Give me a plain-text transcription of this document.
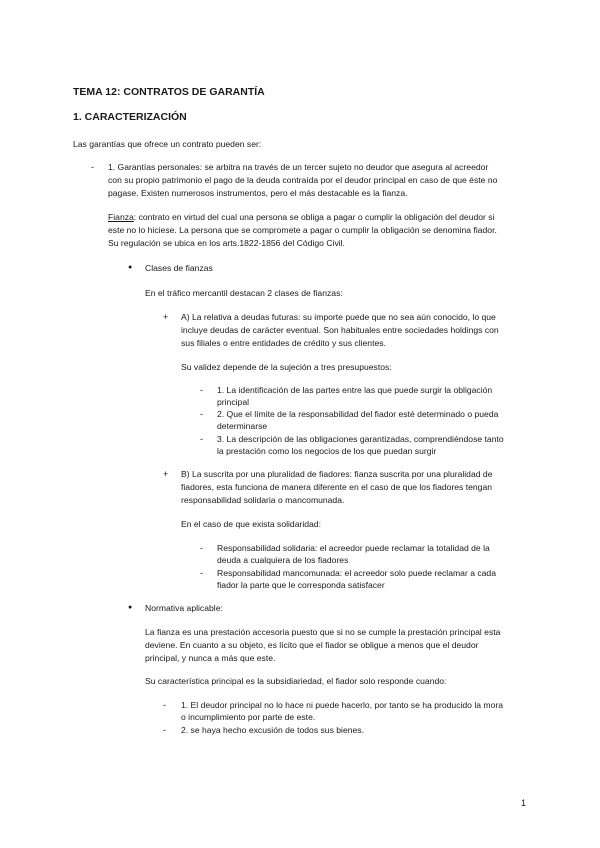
TEMA 12: CONTRATOS DE GARANTÍA
1. CARACTERIZACIÓN
Las garantías que ofrece un contrato pueden ser:
- 1. Garantías personales: se arbitra na través de un tercer sujeto no deudor que asegura al acreedor
con su propio patrimonio el pago de la deuda contraída por el deudor principal en caso de que éste no
pagase. Existen numerosos instrumentos, pero el más destacable es la fianza.
Fianza: contrato en virtud del cual una persona se obliga a pagar o cumplir la obligación del deudor si
este no lo hiciese. La persona que se compromete a pagar o cumplir la obligación se denomina fiador.
Su regulación se ubica en los arts.1822-1856 del Código Civil.
● Clases de fianzas
En el tráfico mercantil destacan 2 clases de fianzas:
+ A) La relativa a deudas futuras: su importe puede que no sea aún conocido, lo que
incluye deudas de carácter eventual. Son habituales entre sociedades holdings con
sus filiales o entre entidades de crédito y sus clientes.
Su validez depende de la sujeción a tres presupuestos:
- 1. La identificación de las partes entre las que puede surgir la obligación
principal
- 2. Que el límite de la responsabilidad del fiador esté determinado o pueda
determinarse
- 3. La descripción de las obligaciones garantizadas, comprendiéndose tanto
la prestación como los negocios de los que puedan surgir
+ B) La suscrita por una pluralidad de fiadores: fianza suscrita por una pluralidad de
fiadores, esta funciona de manera diferente en el caso de que los fiadores tengan
responsabilidad solidaria o mancomunada.
En el caso de que exista solidaridad:
- Responsabilidad solidaria: el acreedor puede reclamar la totalidad de la
deuda a cualquiera de los fiadores
- Responsabilidad mancomunada: el acreedor solo puede reclamar a cada
fiador la parte que le corresponda satisfacer
● Normativa aplicable:
La fianza es una prestación accesoria puesto que si no se cumple la prestación principal esta
deviene. En cuanto a su objeto, es lícito que el fiador se obligue a menos que el deudor
principal, y nunca a más que este.
Su característica principal es la subsidiariedad, el fiador solo responde cuando:
- 1. El deudor principal no lo hace ni puede hacerlo, por tanto se ha producido la mora
o incumplimiento por parte de este.
- 2. se haya hecho excusión de todos sus bienes.
1
